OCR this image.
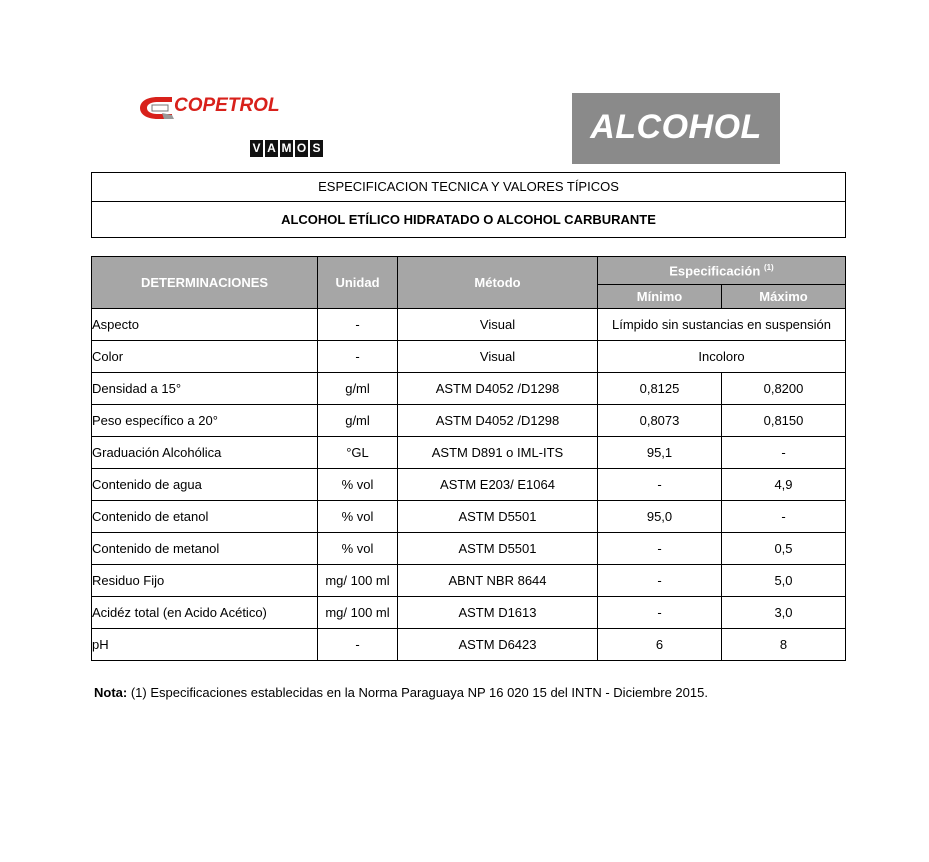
COPETROL
V A M O S
ALCOHOL
ESPECIFICACION TECNICA Y VALORES TÍPICOS
ALCOHOL ETÍLICO HIDRATADO O ALCOHOL CARBURANTE
DETERMINACIONES	Unidad	Método	Especificación $^{(1)}$
			Mínimo	Máximo
Aspecto	-	Visual	Límpido sin sustancias en suspensión	
Color	-	Visual	Incoloro	
Densidad a 15°	g/ml	ASTM D4052 /D1298	0,8125	0,8200
Peso específico a 20°	g/ml	ASTM D4052 /D1298	0,8073	0,8150
Graduación Alcohólica	°GL	ASTM D891 o IML-ITS	95,1	-
Contenido de agua	% vol	ASTM E203/ E1064	-	4,9
Contenido de etanol	% vol	ASTM D5501	95,0	-
Contenido de metanol	% vol	ASTM D5501	-	0,5
Residuo Fijo	mg/ 100 ml	ABNT NBR 8644	-	5,0
Acidéz total (en Acido Acético)	mg/ 100 ml	ASTM D1613	-	3,0
pH	-	ASTM D6423	6	8
Nota: (1) Especificaciones establecidas en la Norma Paraguaya NP 16 020 15 del INTN - Diciembre 2015.
